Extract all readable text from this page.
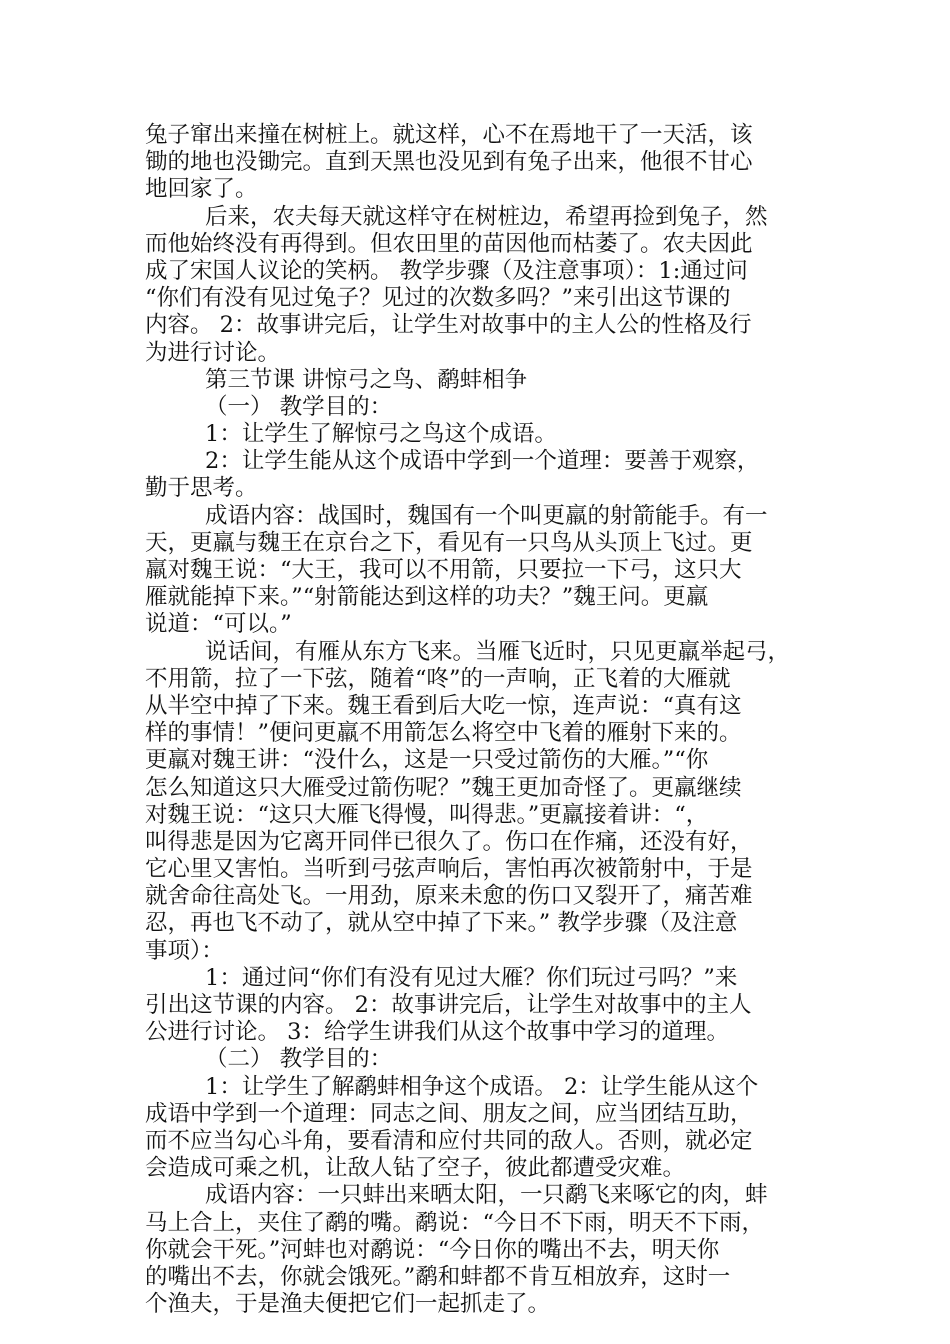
兔子窜出来撞在树桩上。就这样，心不在焉地干了一天活，该
锄的地也没锄完。直到天黑也没见到有兔子出来，他很不甘心
地回家了。
后来，农夫每天就这样守在树桩边，希望再捡到兔子，然
而他始终没有再得到。但农田里的苗因他而枯萎了。农夫因此
成了宋国人议论的笑柄。 教学步骤（及注意事项）：1:通过问
“你们有没有见过兔子？见过的次数多吗？”来引出这节课的
内容。 2：故事讲完后，让学生对故事中的主人公的性格及行
为进行讨论。
第三节课 讲惊弓之鸟、鹬蚌相争
（一） 教学目的：
1：让学生了解惊弓之鸟这个成语。
2：让学生能从这个成语中学到一个道理：要善于观察，
勤于思考。
成语内容：战国时，魏国有一个叫更羸的射箭能手。有一
天，更羸与魏王在京台之下，看见有一只鸟从头顶上飞过。更
羸对魏王说：“大王，我可以不用箭，只要拉一下弓，这只大
雁就能掉下来。”“射箭能达到这样的功夫？”魏王问。更羸
说道：“可以。”
说话间，有雁从东方飞来。当雁飞近时，只见更羸举起弓，
不用箭，拉了一下弦，随着“咚”的一声响，正飞着的大雁就
从半空中掉了下来。魏王看到后大吃一惊，连声说：“真有这
样的事情！”便问更羸不用箭怎么将空中飞着的雁射下来的。
更羸对魏王讲：“没什么，这是一只受过箭伤的大雁。”“你
怎么知道这只大雁受过箭伤呢？”魏王更加奇怪了。更羸继续
对魏王说：“这只大雁飞得慢，叫得悲。”更羸接着讲：“，
叫得悲是因为它离开同伴已很久了。伤口在作痛，还没有好，
它心里又害怕。当听到弓弦声响后，害怕再次被箭射中，于是
就舍命往高处飞。一用劲，原来未愈的伤口又裂开了，痛苦难
忍，再也飞不动了，就从空中掉了下来。” 教学步骤（及注意
事项）：
1：通过问“你们有没有见过大雁？你们玩过弓吗？”来
引出这节课的内容。 2：故事讲完后，让学生对故事中的主人
公进行讨论。 3：给学生讲我们从这个故事中学习的道理。
（二） 教学目的：
1：让学生了解鹬蚌相争这个成语。 2：让学生能从这个
成语中学到一个道理：同志之间、朋友之间，应当团结互助，
而不应当勾心斗角，要看清和应付共同的敌人。否则，就必定
会造成可乘之机，让敌人钻了空子，彼此都遭受灾难。
成语内容：一只蚌出来晒太阳，一只鹬飞来啄它的肉，蚌
马上合上，夹住了鹬的嘴。鹬说：“今日不下雨，明天不下雨，
你就会干死。”河蚌也对鹬说：“今日你的嘴出不去，明天你
的嘴出不去，你就会饿死。”鹬和蚌都不肯互相放弃，这时一
个渔夫，于是渔夫便把它们一起抓走了。
